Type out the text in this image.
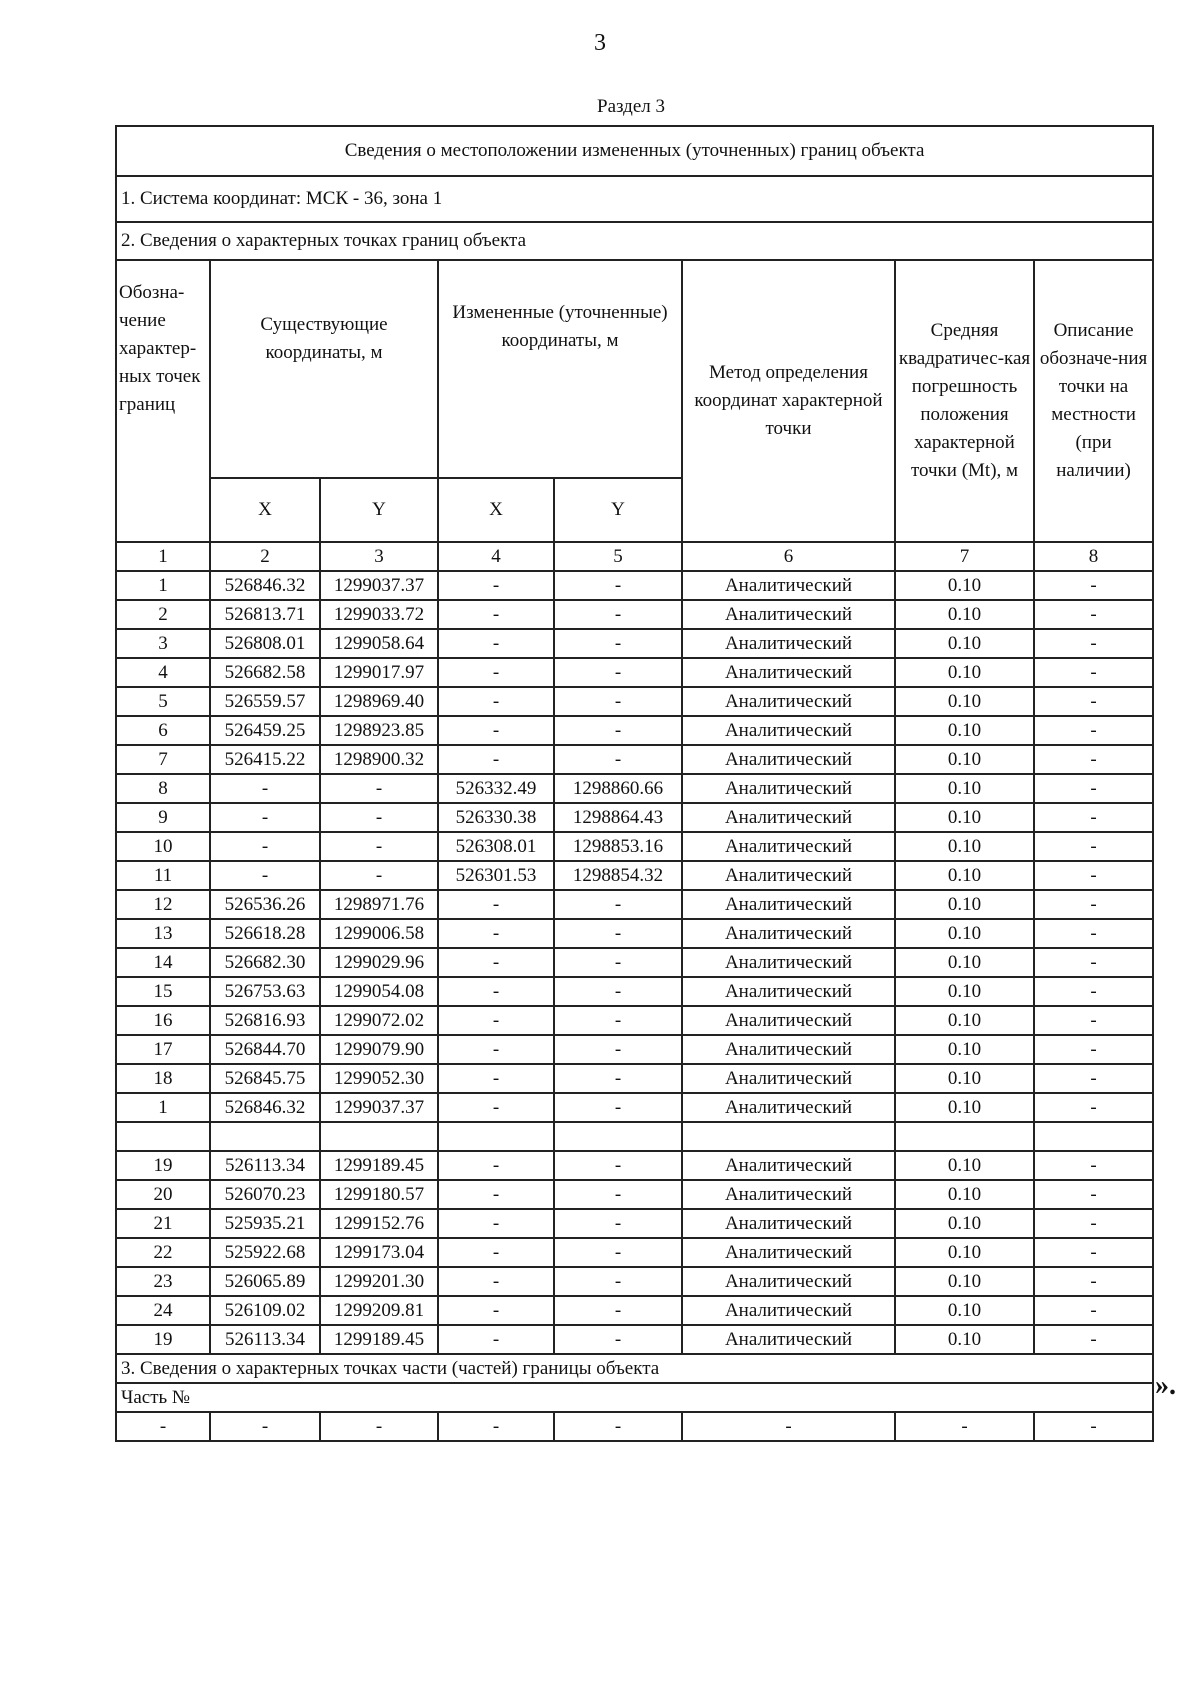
3
Раздел 3
Сведения о местоположении измененных (уточненных) границ объекта							
1. Система координат: МСК - 36, зона 1							
2. Сведения о характерных точках границ объекта							
Обозна-чение характер-ных точек границ	Существующие координаты, м		Измененные (уточненные) координаты, м		Метод определения координат характерной точки	Средняя квадратичес-кая погрешность положения характерной точки (Mt), м	Описание обозначе-ния точки на местности (при наличии)
	X	Y	X	Y			
1	2	3	4	5	6	7	8
1	526846.32	1299037.37	-	-	Аналитический	0.10	-
2	526813.71	1299033.72	-	-	Аналитический	0.10	-
3	526808.01	1299058.64	-	-	Аналитический	0.10	-
4	526682.58	1299017.97	-	-	Аналитический	0.10	-
5	526559.57	1298969.40	-	-	Аналитический	0.10	-
6	526459.25	1298923.85	-	-	Аналитический	0.10	-
7	526415.22	1298900.32	-	-	Аналитический	0.10	-
8	-	-	526332.49	1298860.66	Аналитический	0.10	-
9	-	-	526330.38	1298864.43	Аналитический	0.10	-
10	-	-	526308.01	1298853.16	Аналитический	0.10	-
11	-	-	526301.53	1298854.32	Аналитический	0.10	-
12	526536.26	1298971.76	-	-	Аналитический	0.10	-
13	526618.28	1299006.58	-	-	Аналитический	0.10	-
14	526682.30	1299029.96	-	-	Аналитический	0.10	-
15	526753.63	1299054.08	-	-	Аналитический	0.10	-
16	526816.93	1299072.02	-	-	Аналитический	0.10	-
17	526844.70	1299079.90	-	-	Аналитический	0.10	-
18	526845.75	1299052.30	-	-	Аналитический	0.10	-
1	526846.32	1299037.37	-	-	Аналитический	0.10	-

19	526113.34	1299189.45	-	-	Аналитический	0.10	-
20	526070.23	1299180.57	-	-	Аналитический	0.10	-
21	525935.21	1299152.76	-	-	Аналитический	0.10	-
22	525922.68	1299173.04	-	-	Аналитический	0.10	-
23	526065.89	1299201.30	-	-	Аналитический	0.10	-
24	526109.02	1299209.81	-	-	Аналитический	0.10	-
19	526113.34	1299189.45	-	-	Аналитический	0.10	-
3. Сведения о характерных точках части (частей) границы объекта							
Часть №							
-	-	-	-	-	-	-	-
».
